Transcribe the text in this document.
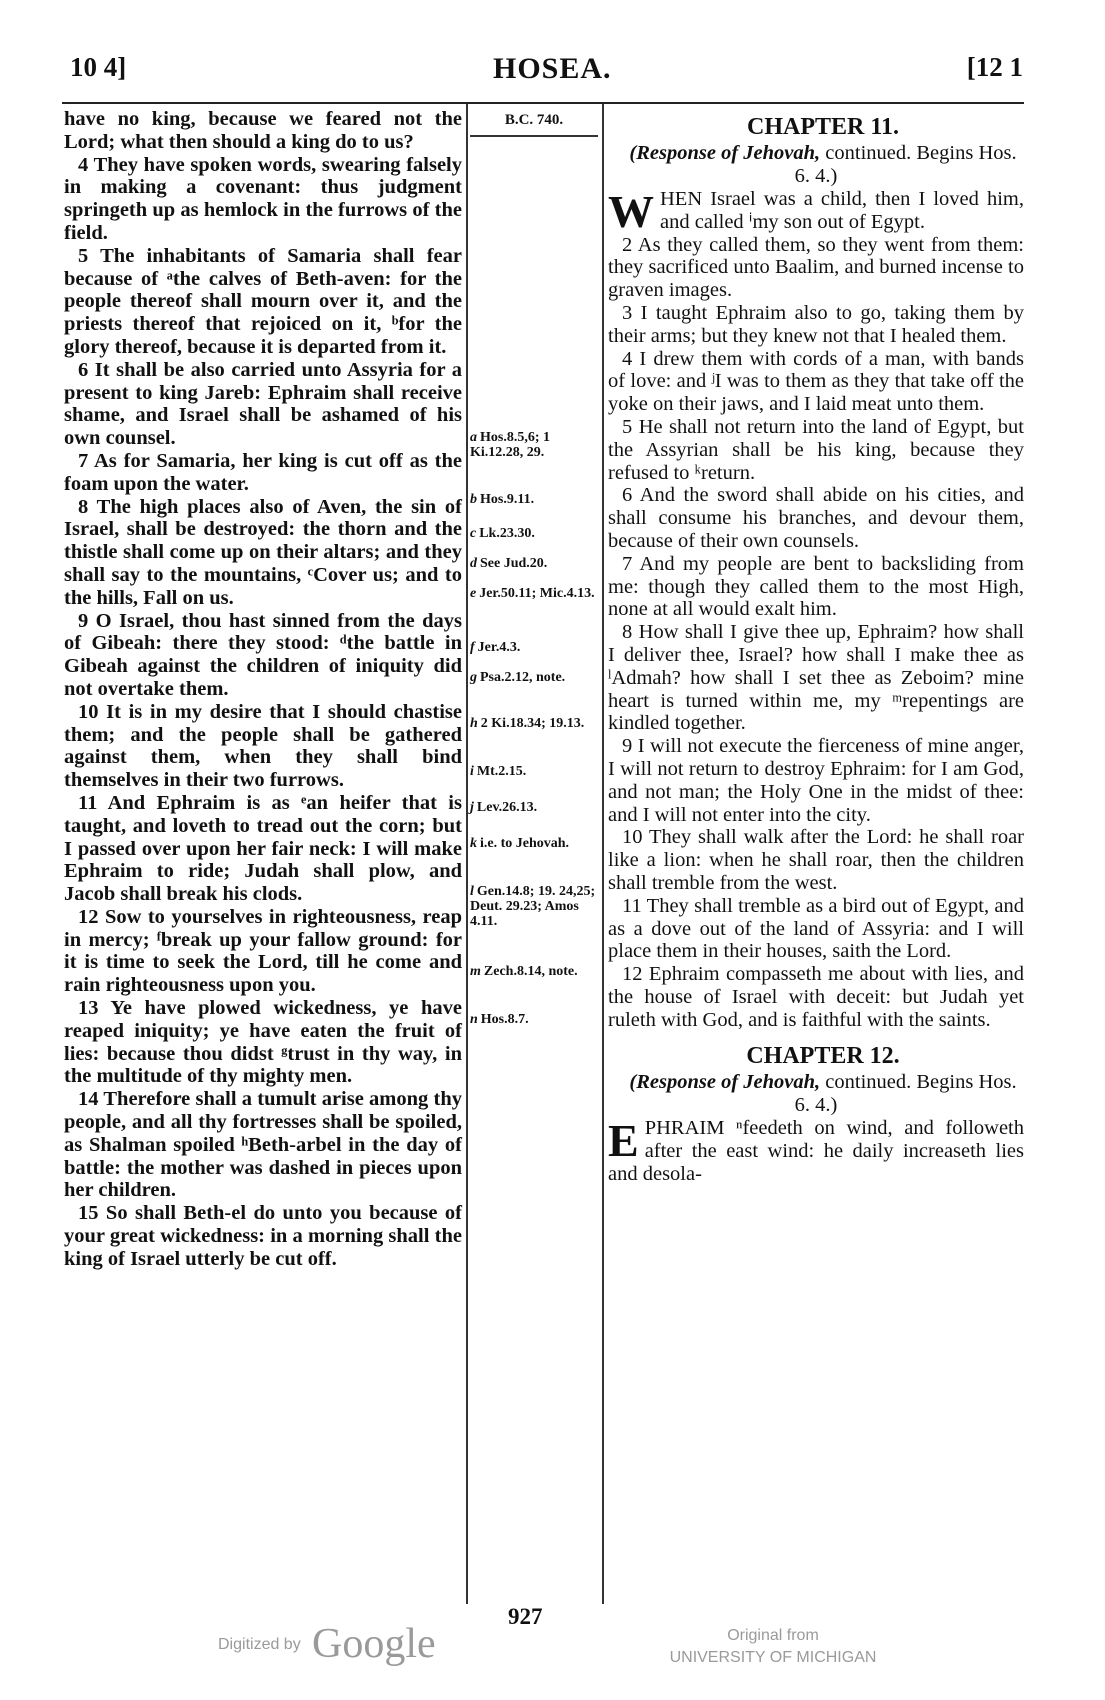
10 4]	HOSEA.	[12 1

have no king, because we feared not the Lord; what then should a king do to us?

4 They have spoken words, swearing falsely in making a covenant: thus judgment springeth up as hemlock in the furrows of the field.

5 The inhabitants of Samaria shall fear because of ᵃthe calves of Beth-aven: for the people thereof shall mourn over it, and the priests thereof that rejoiced on it, ᵇfor the glory thereof, because it is departed from it.

6 It shall be also carried unto Assyria for a present to king Jareb: Ephraim shall receive shame, and Israel shall be ashamed of his own counsel.

7 As for Samaria, her king is cut off as the foam upon the water.

8 The high places also of Aven, the sin of Israel, shall be destroyed: the thorn and the thistle shall come up on their altars; and they shall say to the mountains, ᶜCover us; and to the hills, Fall on us.

9 O Israel, thou hast sinned from the days of Gibeah: there they stood: ᵈthe battle in Gibeah against the children of iniquity did not overtake them.

10 It is in my desire that I should chastise them; and the people shall be gathered against them, when they shall bind themselves in their two furrows.

11 And Ephraim is as ᵉan heifer that is taught, and loveth to tread out the corn; but I passed over upon her fair neck: I will make Ephraim to ride; Judah shall plow, and Jacob shall break his clods.

12 Sow to yourselves in righteousness, reap in mercy; ᶠbreak up your fallow ground: for it is time to seek the Lord, till he come and rain righteousness upon you.

13 Ye have plowed wickedness, ye have reaped iniquity; ye have eaten the fruit of lies: because thou didst ᵍtrust in thy way, in the multitude of thy mighty men.

14 Therefore shall a tumult arise among thy people, and all thy fortresses shall be spoiled, as Shalman spoiled ʰBeth-arbel in the day of battle: the mother was dashed in pieces upon her children.

15 So shall Beth-el do unto you because of your great wickedness: in a morning shall the king of Israel utterly be cut off.

B.C. 740.
a Hos.8.5,6; 1 Ki.12.28, 29.
b Hos.9.11.
c Lk.23.30.
d See Jud.20.
e Jer.50.11; Mic.4.13.
f Jer.4.3.
g Psa.2.12, note.
h 2 Ki.18.34; 19.13.
i Mt.2.15.
j Lev.26.13.
k i.e. to Jehovah.
l Gen.14.8; 19. 24,25; Deut. 29.23; Amos 4.11.
m Zech.8.14, note.
n Hos.8.7.

CHAPTER 11.

(Response of Jehovah, continued. Begins Hos. 6. 4.)

WHEN Israel was a child, then I loved him, and called ⁱmy son out of Egypt.

2 As they called them, so they went from them: they sacrificed unto Baalim, and burned incense to graven images.

3 I taught Ephraim also to go, taking them by their arms; but they knew not that I healed them.

4 I drew them with cords of a man, with bands of love: and ʲI was to them as they that take off the yoke on their jaws, and I laid meat unto them.

5 He shall not return into the land of Egypt, but the Assyrian shall be his king, because they refused to ᵏreturn.

6 And the sword shall abide on his cities, and shall consume his branches, and devour them, because of their own counsels.

7 And my people are bent to backsliding from me: though they called them to the most High, none at all would exalt him.

8 How shall I give thee up, Ephraim? how shall I deliver thee, Israel? how shall I make thee as ˡAdmah? how shall I set thee as Zeboim? mine heart is turned within me, my ᵐrepentings are kindled together.

9 I will not execute the fierceness of mine anger, I will not return to destroy Ephraim: for I am God, and not man; the Holy One in the midst of thee: and I will not enter into the city.

10 They shall walk after the Lord: he shall roar like a lion: when he shall roar, then the children shall tremble from the west.

11 They shall tremble as a bird out of Egypt, and as a dove out of the land of Assyria: and I will place them in their houses, saith the Lord.

12 Ephraim compasseth me about with lies, and the house of Israel with deceit: but Judah yet ruleth with God, and is faithful with the saints.

CHAPTER 12.

(Response of Jehovah, continued. Begins Hos. 6. 4.)

EPHRAIM ⁿfeedeth on wind, and followeth after the east wind: he daily increaseth lies and desola-

927
Digitized by Google	Original from
UNIVERSITY OF MICHIGAN
